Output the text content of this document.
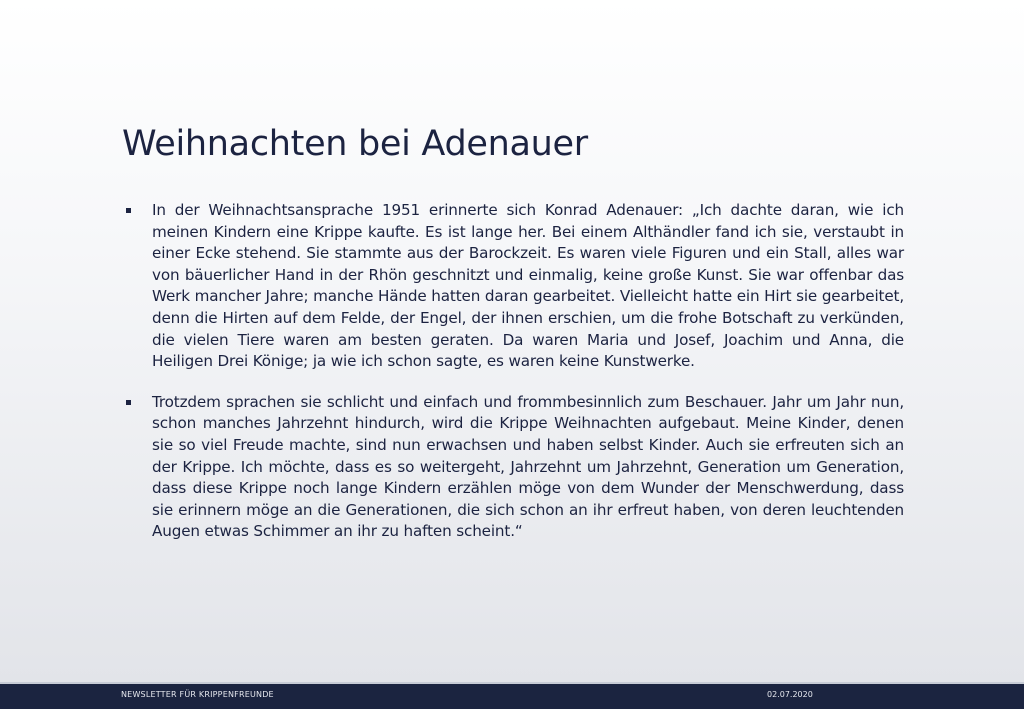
Weihnachten bei Adenauer

In der Weihnachtsansprache 1951 erinnerte sich Konrad Adenauer: „Ich dachte daran, wie ich meinen Kindern eine Krippe kaufte. Es ist lange her. Bei einem Althändler fand ich sie, verstaubt in einer Ecke stehend. Sie stammte aus der Barockzeit. Es waren viele Figuren und ein Stall, alles war von bäuerlicher Hand in der Rhön geschnitzt und einmalig, keine große Kunst. Sie war offenbar das Werk mancher Jahre; manche Hände hatten daran gearbeitet. Vielleicht hatte ein Hirt sie gearbeitet, denn die Hirten auf dem Felde, der Engel, der ihnen erschien, um die frohe Botschaft zu verkünden, die vielen Tiere waren am besten geraten. Da waren Maria und Josef, Joachim und Anna, die Heiligen Drei Könige; ja wie ich schon sagte, es waren keine Kunstwerke.

Trotzdem sprachen sie schlicht und einfach und frommbesinnlich zum Beschauer. Jahr um Jahr nun, schon manches Jahrzehnt hindurch, wird die Krippe Weihnachten aufgebaut. Meine Kinder, denen sie so viel Freude machte, sind nun erwachsen und haben selbst Kinder. Auch sie erfreuten sich an der Krippe. Ich möchte, dass es so weitergeht, Jahrzehnt um Jahrzehnt, Generation um Generation, dass diese Krippe noch lange Kindern erzählen möge von dem Wunder der Menschwerdung, dass sie erinnern möge an die Generationen, die sich schon an ihr erfreut haben, von deren leuchtenden Augen etwas Schimmer an ihr zu haften scheint.“

NEWSLETTER FÜR KRIPPENFREUNDE	02.07.2020
